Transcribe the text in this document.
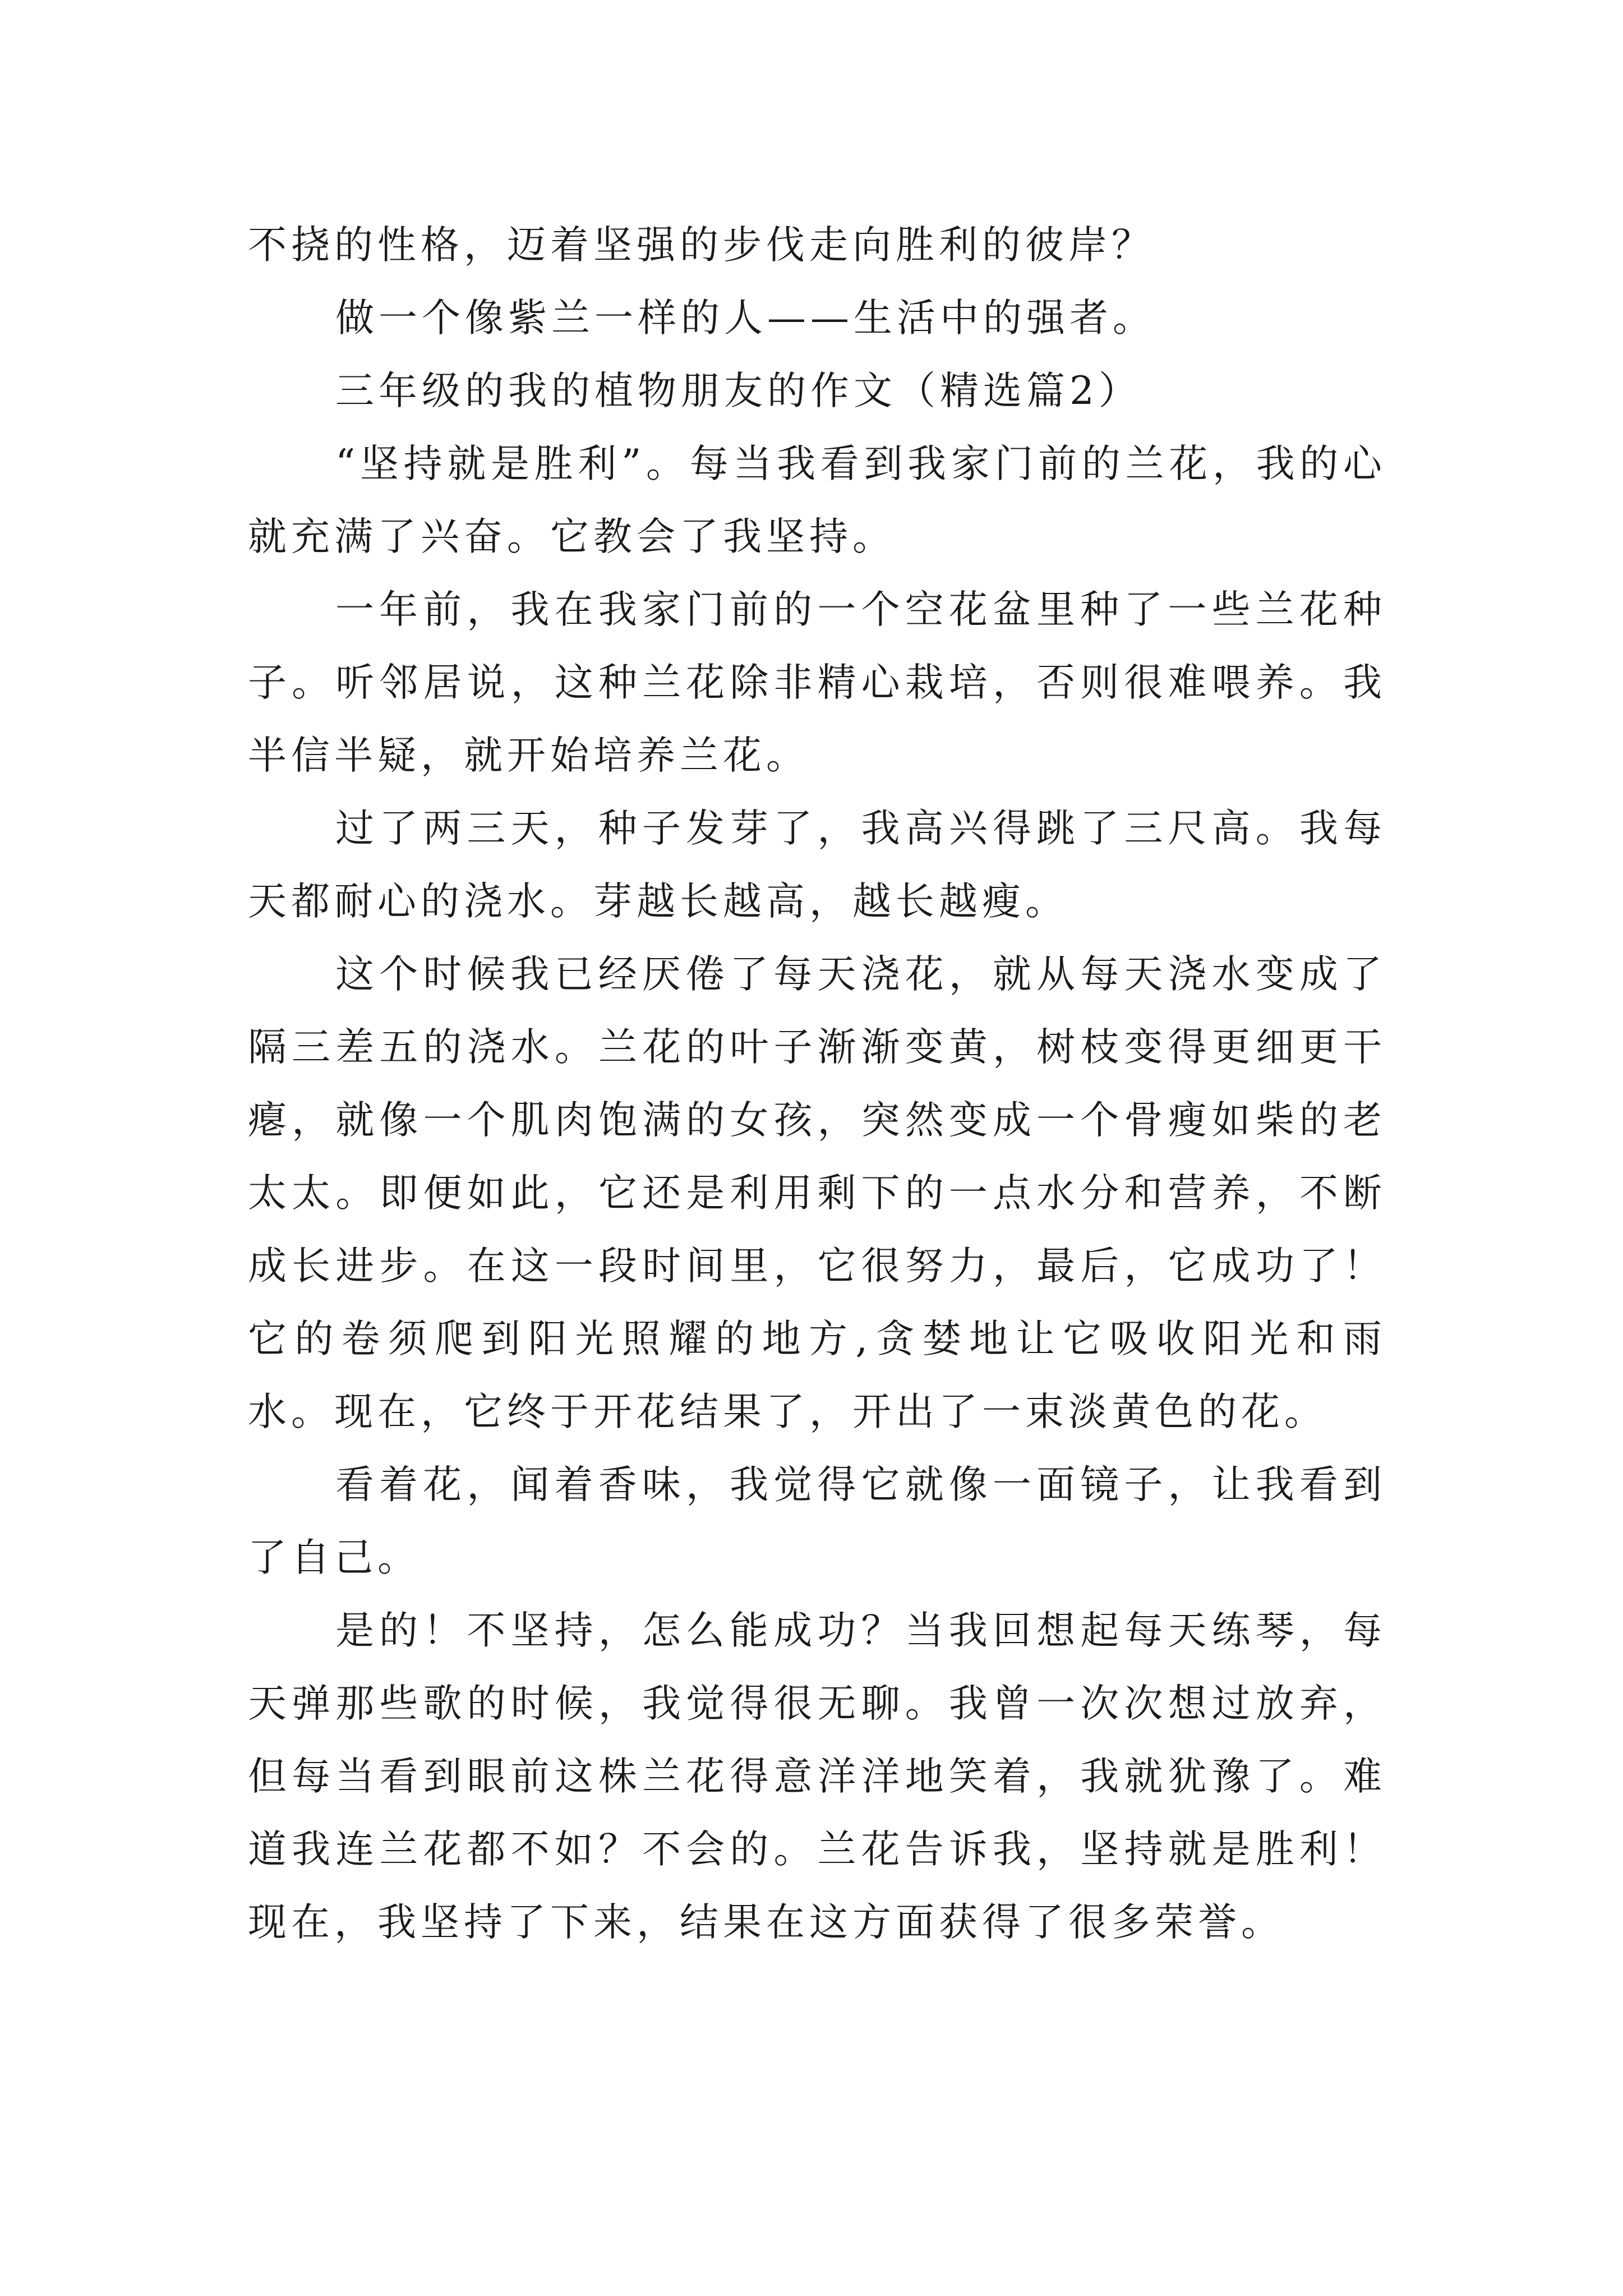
不挠的性格，迈着坚强的步伐走向胜利的彼岸？

做一个像紫兰一样的人——生活中的强者。

三年级的我的植物朋友的作文（精选篇2）

“坚持就是胜利”。每当我看到我家门前的兰花，我的心就充满了兴奋。它教会了我坚持。

一年前，我在我家门前的一个空花盆里种了一些兰花种子。听邻居说，这种兰花除非精心栽培，否则很难喂养。我半信半疑，就开始培养兰花。

过了两三天，种子发芽了，我高兴得跳了三尺高。我每天都耐心的浇水。芽越长越高，越长越瘦。

这个时候我已经厌倦了每天浇花，就从每天浇水变成了隔三差五的浇水。兰花的叶子渐渐变黄，树枝变得更细更干瘪，就像一个肌肉饱满的女孩，突然变成一个骨瘦如柴的老太太。即便如此，它还是利用剩下的一点水分和营养，不断成长进步。在这一段时间里，它很努力，最后，它成功了！它的卷须爬到阳光照耀的地方,贪婪地让它吸收阳光和雨水。现在，它终于开花结果了，开出了一束淡黄色的花。

看着花，闻着香味，我觉得它就像一面镜子，让我看到了自己。

是的！不坚持，怎么能成功？当我回想起每天练琴，每天弹那些歌的时候，我觉得很无聊。我曾一次次想过放弃，但每当看到眼前这株兰花得意洋洋地笑着，我就犹豫了。难道我连兰花都不如？不会的。兰花告诉我，坚持就是胜利！现在，我坚持了下来，结果在这方面获得了很多荣誉。
